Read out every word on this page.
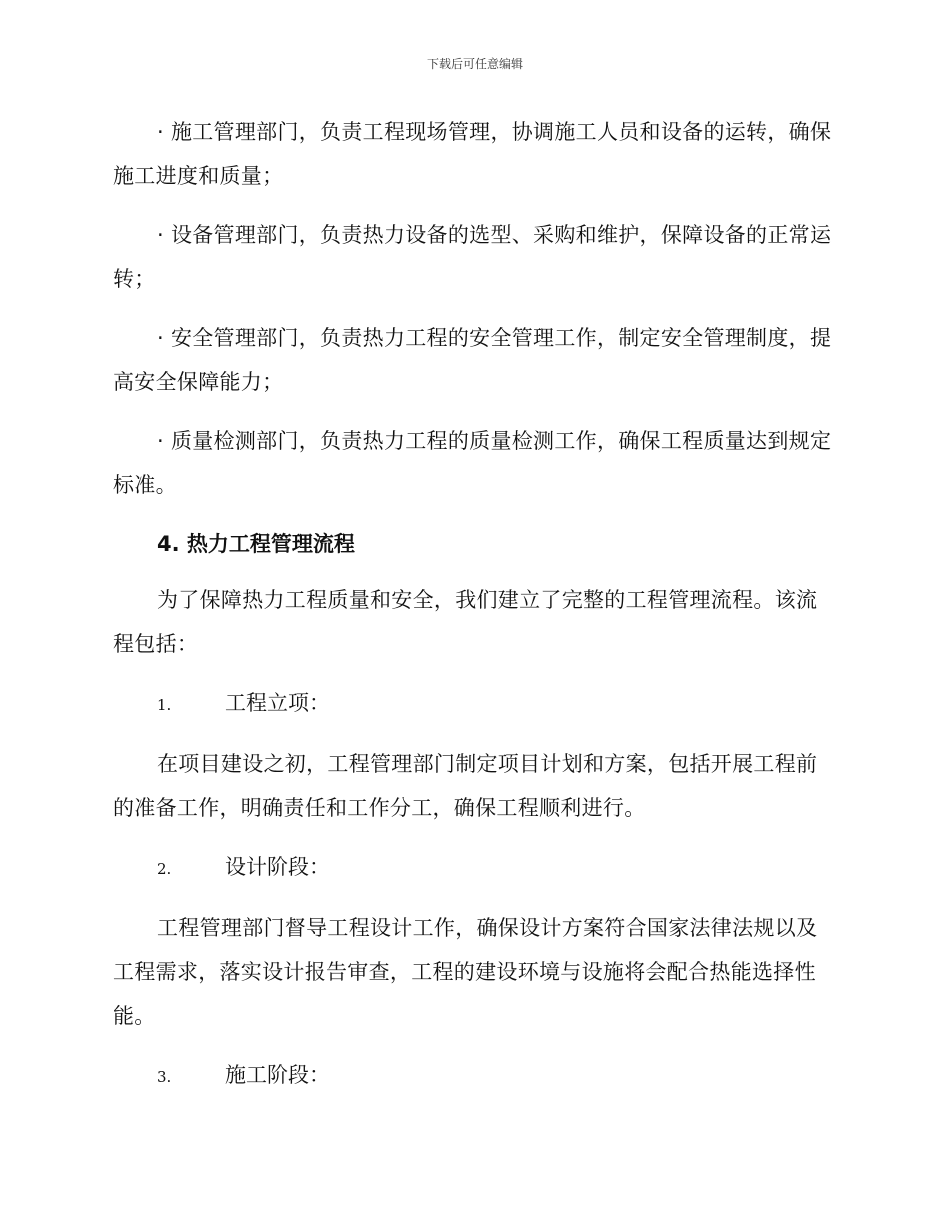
下载后可任意编辑

· 施工管理部门，负责工程现场管理，协调施工人员和设备的运转，确保施工进度和质量；

· 设备管理部门，负责热力设备的选型、采购和维护，保障设备的正常运转；

· 安全管理部门，负责热力工程的安全管理工作，制定安全管理制度，提高安全保障能力；

· 质量检测部门，负责热力工程的质量检测工作，确保工程质量达到规定标准。

4. 热力工程管理流程

为了保障热力工程质量和安全，我们建立了完整的工程管理流程。该流程包括：

1.	工程立项：

在项目建设之初，工程管理部门制定项目计划和方案，包括开展工程前的准备工作，明确责任和工作分工，确保工程顺利进行。

2.	设计阶段：

工程管理部门督导工程设计工作，确保设计方案符合国家法律法规以及工程需求，落实设计报告审查，工程的建设环境与设施将会配合热能选择性能。

3.	施工阶段：
